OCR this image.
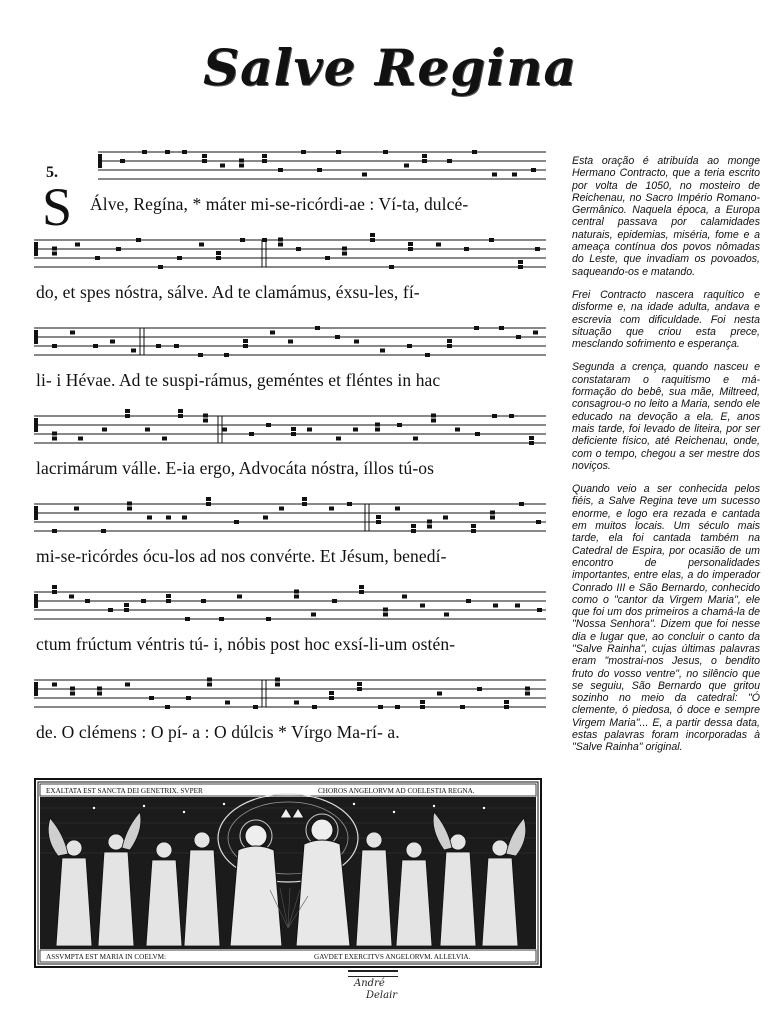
Salve Regina
5.
S Álve, Regína, * máter mi-se-ricórdi-ae : Ví-ta, dulcé-
do, et spes nóstra, sálve. Ad te clamámus, éxsu-les, fí-
li- i Hévae. Ad te suspi-rámus, geméntes et fléntes in hac
lacrimárum válle. E-ia ergo, Advocáta nóstra, íllos tú-os
mi-se-ricórdes ócu-los ad nos convérte. Et Jésum, benedí-
ctum frúctum véntris tú- i, nóbis post hoc exsí-li-um ostén-
de. O clémens : O pí- a : O dúlcis * Vírgo Ma-rí- a.

Esta oração é atribuída ao monge Hermano Contracto, que a teria escrito por volta de 1050, no mosteiro de Reichenau, no Sacro Império Romano-Germânico. Naquela época, a Europa central passava por calamidades naturais, epidemias, miséria, fome e a ameaça contínua dos povos nômadas do Leste, que invadiam os povoados, saqueando-os e matando.

Frei Contracto nascera raquítico e disforme e, na idade adulta, andava e escrevia com dificuldade. Foi nesta situação que criou esta prece, mesclando sofrimento e esperança.

Segunda a crença, quando nasceu e constataram o raquitismo e má-formação do bebê, sua mãe, Miltreed, consagrou-o no leito a Maria, sendo ele educado na devoção a ela. E, anos mais tarde, foi levado de liteira, por ser deficiente físico, até Reichenau, onde, com o tempo, chegou a ser mestre dos noviços.

Quando veio a ser conhecida pelos fiéis, a Salve Regina teve um sucesso enorme, e logo era rezada e cantada em muitos locais. Um século mais tarde, ela foi cantada também na Catedral de Espira, por ocasião de um encontro de personalidades importantes, entre elas, a do imperador Conrado III e São Bernardo, conhecido como o "cantor da Virgem Maria", ele que foi um dos primeiros a chamá-la de "Nossa Senhora". Dizem que foi nesse dia e lugar que, ao concluir o canto da "Salve Rainha", cujas últimas palavras eram "mostrai-nos Jesus, o bendito fruto do vosso ventre", no silêncio que se seguiu, São Bernardo que gritou sozinho no meio da catedral: "Ó clemente, ó piedosa, ó doce e sempre Virgem Maria"... E, a partir dessa data, estas palavras foram incorporadas à "Salve Rainha" original.

EXALTATA EST SANCTA DEI GENETRIX. SVPER	CHOROS ANGELORVM AD COELESTIA REGNA.
ASSVMPTA EST MARIA IN COELVM:	GAVDET EXERCITVS ANGELORVM. ALLELVIA.
André
Delair
